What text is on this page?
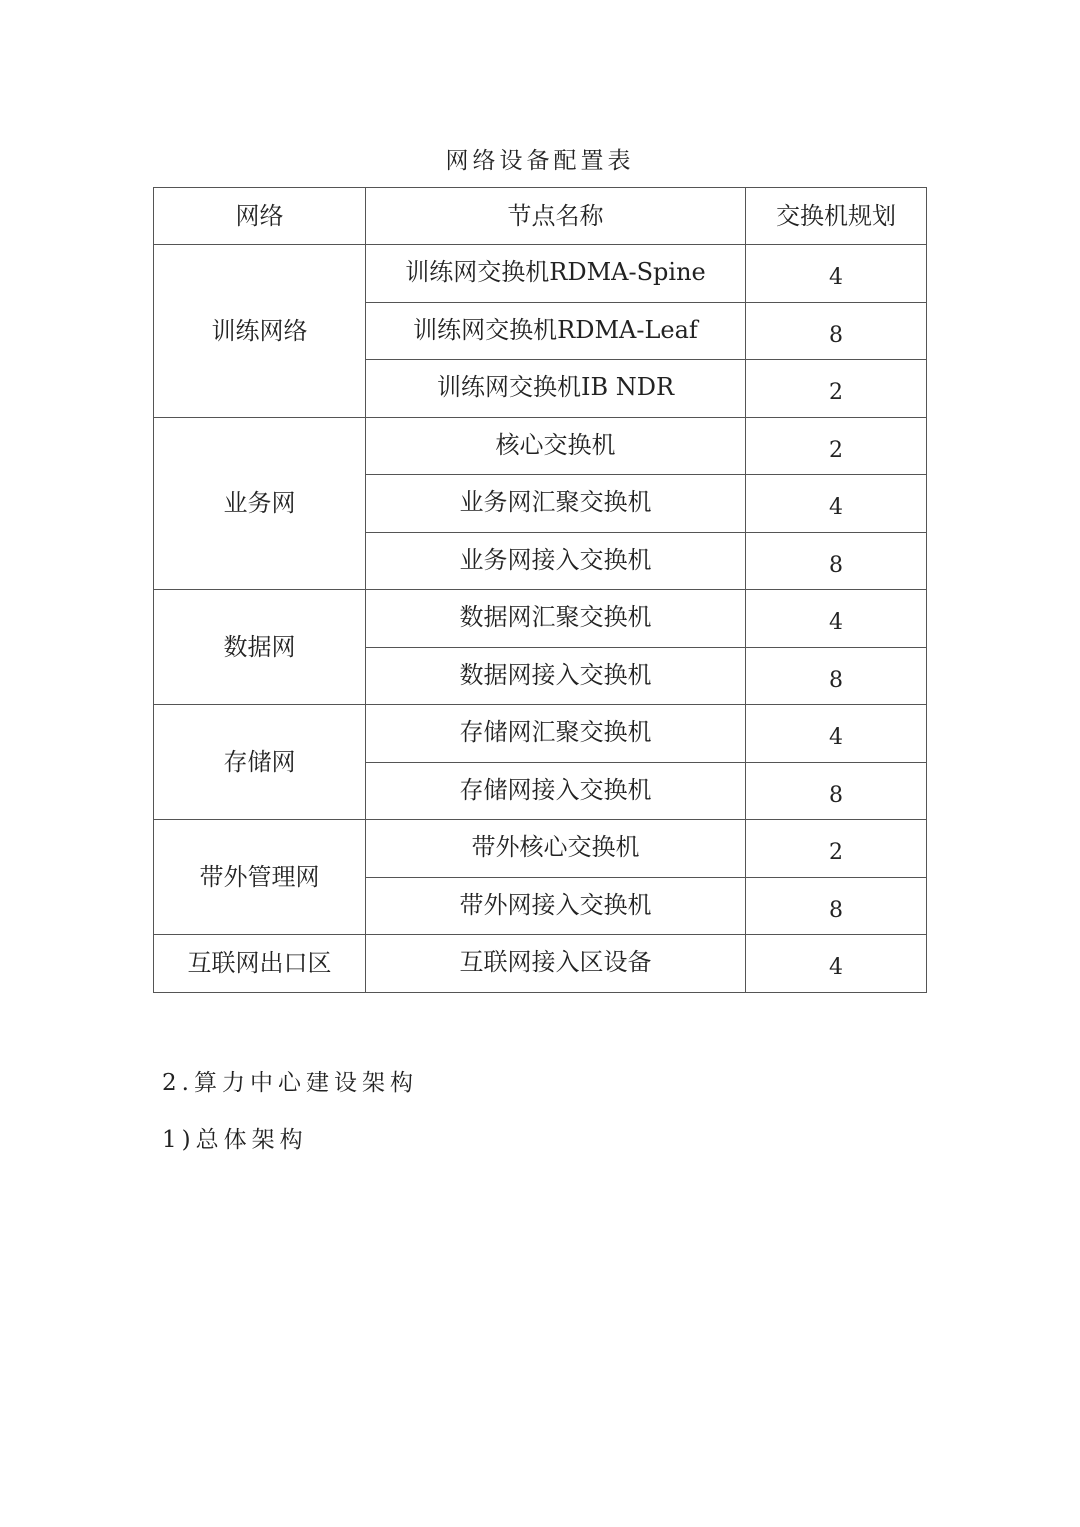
网络设备配置表
网络	节点名称	交换机规划
训练网络	训练网交换机RDMA-Spine	4
	训练网交换机RDMA-Leaf	8
	训练网交换机IB NDR	2
业务网	核心交换机	2
	业务网汇聚交换机	4
	业务网接入交换机	8
数据网	数据网汇聚交换机	4
	数据网接入交换机	8
存储网	存储网汇聚交换机	4
	存储网接入交换机	8
带外管理网	带外核心交换机	2
	带外网接入交换机	8
互联网出口区	互联网接入区设备	4
2.算力中心建设架构
1)总体架构
